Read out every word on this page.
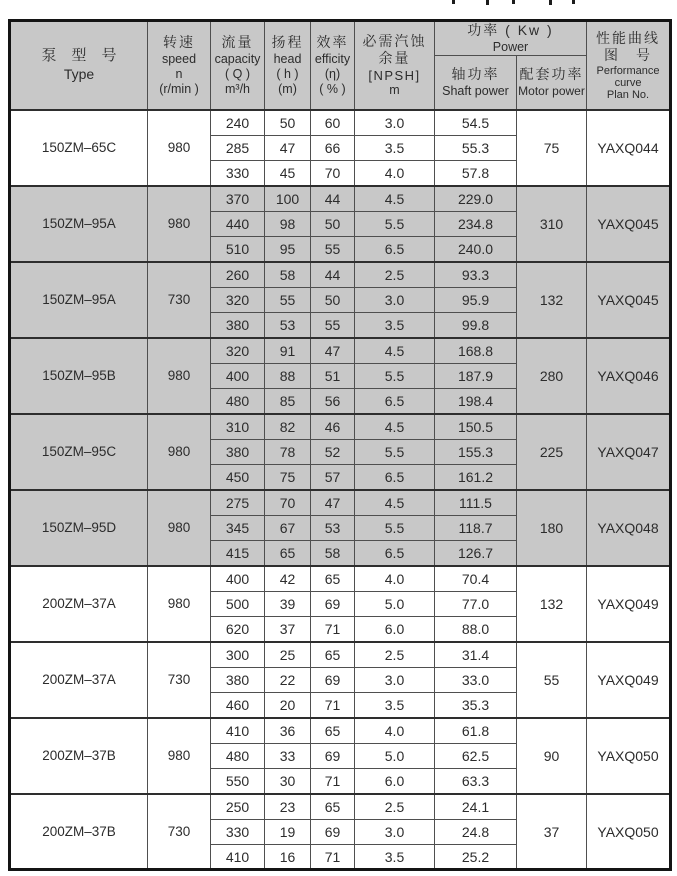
泵　型　号
Type	转速
speed
n
(r/min )	流量
capacity
( Q )
m³/h	扬程
head
( h )
(m)	效率
efficity
(η)
( % )	必需汽蚀
余量
[NPSH]
m	功率 ( Kw )
Power		性能曲线
图　号
Performance
curve
Plan No.

						轴功率
Shaft power	配套功率
Motor power	

150ZM–65C	980	240	50	60	3.0	54.5	75	YAXQ044
		285	47	66	3.5	55.3		
		330	45	70	4.0	57.8		
150ZM–95A	980	370	100	44	4.5	229.0	310	YAXQ045
		440	98	50	5.5	234.8		
		510	95	55	6.5	240.0		
150ZM–95A	730	260	58	44	2.5	93.3	132	YAXQ045
		320	55	50	3.0	95.9		
		380	53	55	3.5	99.8		
150ZM–95B	980	320	91	47	4.5	168.8	280	YAXQ046
		400	88	51	5.5	187.9		
		480	85	56	6.5	198.4		
150ZM–95C	980	310	82	46	4.5	150.5	225	YAXQ047
		380	78	52	5.5	155.3		
		450	75	57	6.5	161.2		
150ZM–95D	980	275	70	47	4.5	111.5	180	YAXQ048
		345	67	53	5.5	118.7		
		415	65	58	6.5	126.7		
200ZM–37A	980	400	42	65	4.0	70.4	132	YAXQ049
		500	39	69	5.0	77.0		
		620	37	71	6.0	88.0		
200ZM–37A	730	300	25	65	2.5	31.4	55	YAXQ049
		380	22	69	3.0	33.0		
		460	20	71	3.5	35.3		
200ZM–37B	980	410	36	65	4.0	61.8	90	YAXQ050
		480	33	69	5.0	62.5		
		550	30	71	6.0	63.3		
200ZM–37B	730	250	23	65	2.5	24.1	37	YAXQ050
		330	19	69	3.0	24.8		
		410	16	71	3.5	25.2		
